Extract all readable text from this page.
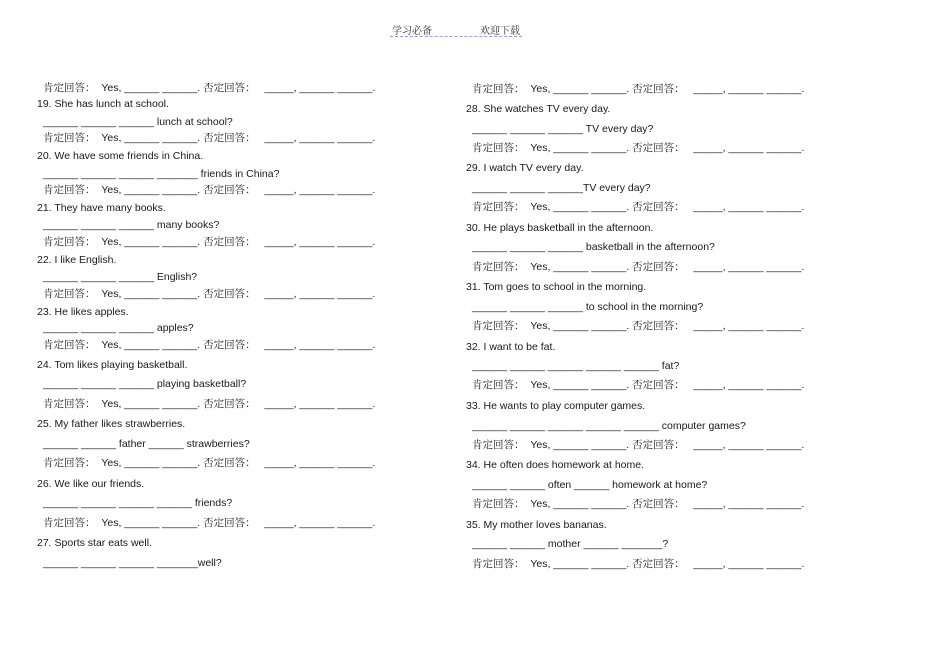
学习必备	欢迎下载
肯定回答：  Yes, ______ ______. 否定回答：   _____, ______ ______.
19. She has lunch at school.
______ ______ ______ lunch at school?
肯定回答：  Yes, ______ ______. 否定回答：   _____, ______ ______.
20. We have some friends in China.
______ ______ ______ _______ friends in China?
肯定回答：  Yes, ______ ______. 否定回答：   _____, ______ ______.
21. They have many books.
______ ______ ______ many books?
肯定回答：  Yes, ______ ______. 否定回答：   _____, ______ ______.
22. I like English.
______ ______ ______ English?
肯定回答：  Yes, ______ ______. 否定回答：   _____, ______ ______.
23. He likes apples.
______ ______ ______ apples?
肯定回答：  Yes, ______ ______. 否定回答：   _____, ______ ______.
24. Tom likes playing basketball.
______ ______ ______ playing basketball?
肯定回答：  Yes, ______ ______. 否定回答：   _____, ______ ______.
25. My father likes strawberries.
______ ______ father ______ strawberries?
肯定回答：  Yes, ______ ______. 否定回答：   _____, ______ ______.
26. We like our friends.
______ ______ ______ ______ friends?
肯定回答：  Yes, ______ ______. 否定回答：   _____, ______ ______.
27. Sports star eats well.
______ ______ ______ _______well?
肯定回答：  Yes, ______ ______. 否定回答：   _____, ______ ______.
28. She watches TV every day.
______ ______ ______ TV every day?
肯定回答：  Yes, ______ ______. 否定回答：   _____, ______ ______.
29. I watch TV every day.
______ ______ ______TV every day?
肯定回答：  Yes, ______ ______. 否定回答：   _____, ______ ______.
30. He plays basketball in the afternoon.
______ ______ ______ basketball in the afternoon?
肯定回答：  Yes, ______ ______. 否定回答：   _____, ______ ______.
31. Tom goes to school in the morning.
______ ______ ______ to school in the morning?
肯定回答：  Yes, ______ ______. 否定回答：   _____, ______ ______.
32. I want to be fat.
______ ______ ______ ______ ______ fat?
肯定回答：  Yes, ______ ______. 否定回答：   _____, ______ ______.
33. He wants to play computer games.
______ ______ ______ ______ ______ computer games?
肯定回答：  Yes, ______ ______. 否定回答：   _____, ______ ______.
34. He often does homework at home.
______ ______ often ______ homework at home?
肯定回答：  Yes, ______ ______. 否定回答：   _____, ______ ______.
35. My mother loves bananas.
______ ______ mother ______ _______?
肯定回答：  Yes, ______ ______. 否定回答：   _____, ______ ______.
